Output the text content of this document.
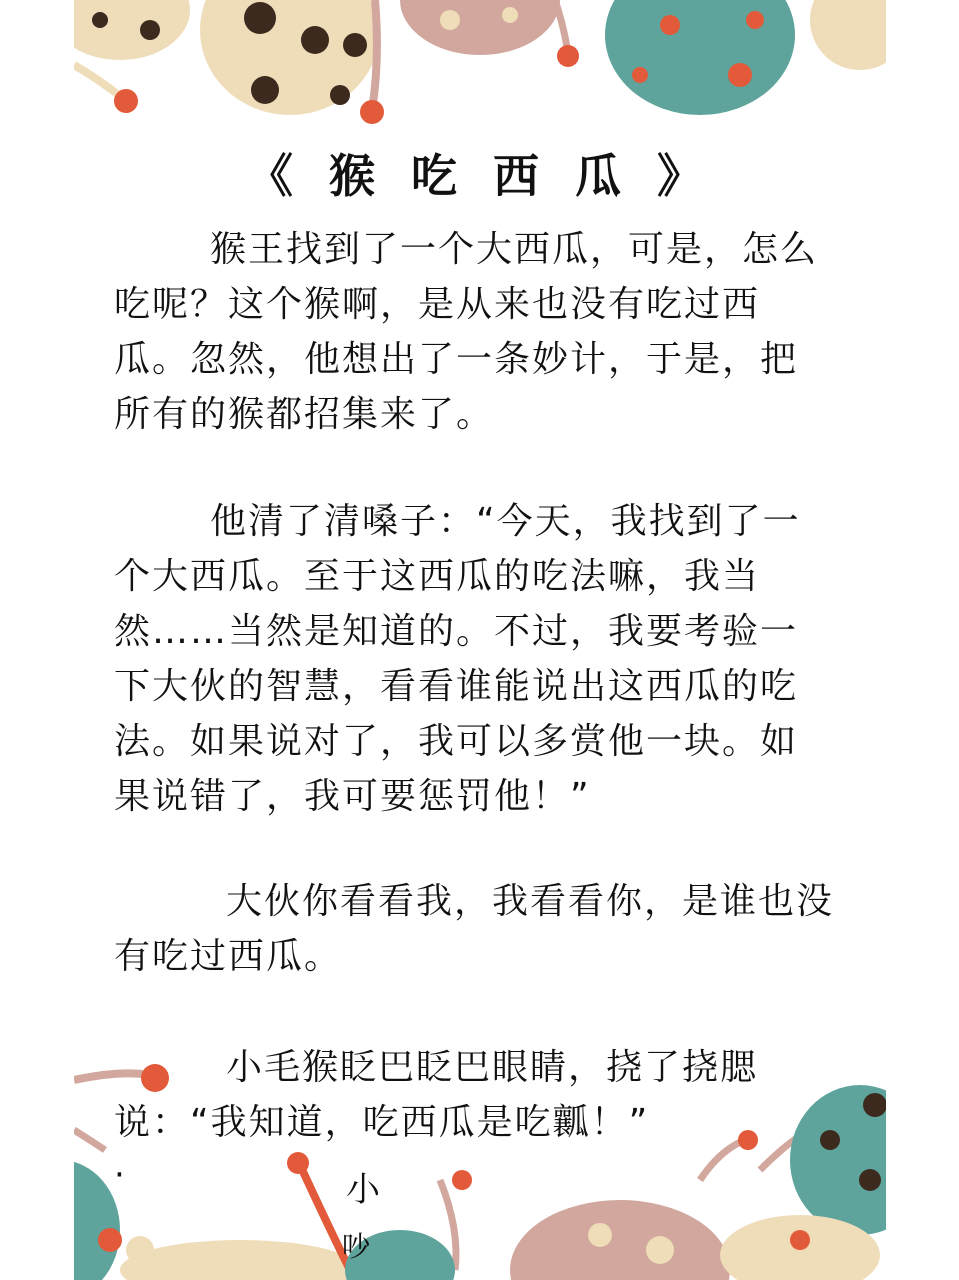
《 猴 吃 西 瓜 》

猴王找到了一个大西瓜，可是，怎么吃呢？这个猴啊，是从来也没有吃过西瓜。忽然，他想出了一条妙计，于是，把所有的猴都招集来了。

他清了清嗓子：“今天，我找到了一个大西瓜。至于这西瓜的吃法嘛，我当然……当然是知道的。不过，我要考验一下大伙的智慧，看看谁能说出这西瓜的吃法。如果说对了，我可以多赏他一块。如果说错了，我可要惩罚他！”

大伙你看看我，我看看你，是谁也没有吃过西瓜。

小毛猴眨巴眨巴眼睛，挠了挠腮说：“我知道，吃西瓜是吃瓤！”

·	小
吵
